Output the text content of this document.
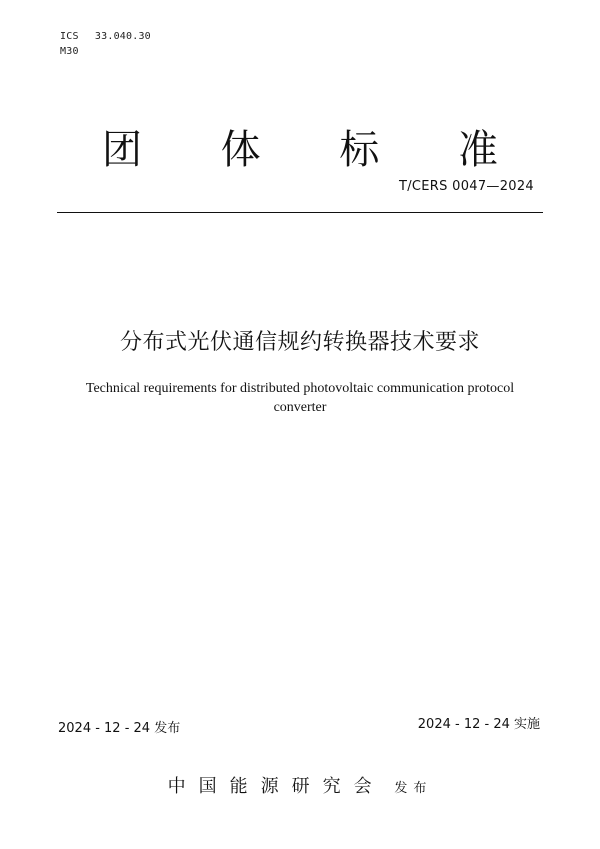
ICS 33.040.30
M30
团 体 标 准
T/CERS 0047—2024
分布式光伏通信规约转换器技术要求
Technical requirements for distributed photovoltaic communication protocol
converter
2024 - 12 - 24 发布	2024 - 12 - 24 实施
中国能源研究会 发布
